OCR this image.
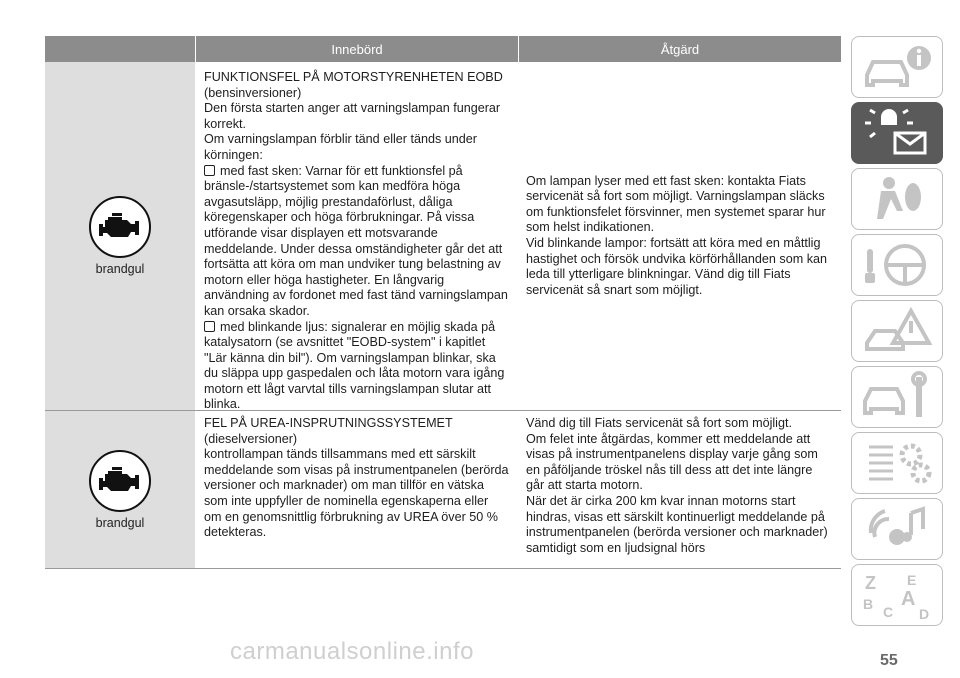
Innebörd	Åtgärd
brandgul
FUNKTIONSFEL PÅ MOTORSTYRENHETEN EOBD
(bensinversioner)
Den första starten anger att varningslampan fungerar korrekt.
Om varningslampan förblir tänd eller tänds under körningen:
med fast sken: Varnar för ett funktionsfel på bränsle-/startsystemet som kan medföra höga avgasutsläpp, möjlig prestandaförlust, dåliga köregenskaper och höga förbrukningar. På vissa utförande visar displayen ett motsvarande meddelande. Under dessa omständigheter går det att fortsätta att köra om man undviker tung belastning av motorn eller höga hastigheter. En långvarig användning av fordonet med fast tänd varningslampan kan orsaka skador.
med blinkande ljus: signalerar en möjlig skada på katalysatorn (se avsnittet "EOBD-system" i kapitlet "Lär känna din bil"). Om varningslampan blinkar, ska du släppa upp gaspedalen och låta motorn vara igång motorn ett lågt varvtal tills varningslampan slutar att blinka.
Om lampan lyser med ett fast sken: kontakta Fiats servicenät så fort som möjligt. Varningslampan släcks om funktionsfelet försvinner, men systemet sparar hur som helst indikationen.
Vid blinkande lampor: fortsätt att köra med en måttlig hastighet och försök undvika körförhållanden som kan leda till ytterligare blinkningar. Vänd dig till Fiats servicenät så snart som möjligt.
brandgul
FEL PÅ UREA-INSPRUTNINGSSYSTEMET
(dieselversioner)
kontrollampan tänds tillsammans med ett särskilt meddelande som visas på instrumentpanelen (berörda versioner och marknader) om man tillför en vätska som inte uppfyller de nominella egenskaperna eller om en genomsnittlig förbrukning av UREA över 50 % detekteras.
Vänd dig till Fiats servicenät så fort som möjligt.
Om felet inte åtgärdas, kommer ett meddelande att visas på instrumentpanelens display varje gång som en påföljande tröskel nås till dess att det inte längre går att starta motorn.
När det är cirka 200 km kvar innan motorns start hindras, visas ett särskilt kontinuerligt meddelande på instrumentpanelen (berörda versioner och marknader) samtidigt som en ljudsignal hörs
Z E
B A
C D
55
carmanualsonline.info
